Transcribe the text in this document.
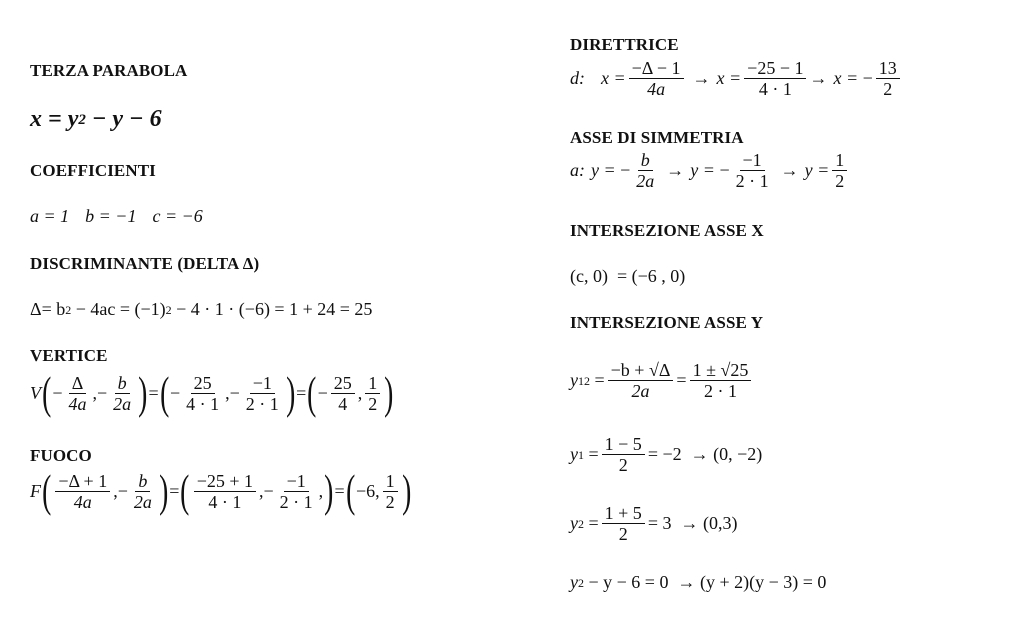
TERZA PARABOLA
x = y 2 − y − 6
COEFFICIENTI
a = 1 b = −1 c = −6
DISCRIMINANTE (DELTA Δ)
Δ= b 2 − 4ac = (−1) 2 − 4 · 1 · (−6) = 1 + 24 = 25
VERTICE
V ( − $\frac{\Delta}{4a}$ ,− $\frac{b}{2a}$ ) = ( − $\frac{25}{4 \cdot 1}$ ,− $\frac{-1}{2 \cdot 1}$ ) = ( − $\frac{25}{4}$ , $\frac{1}{2}$ )
FUOCO
F ( $\frac{-\Delta + 1}{4a}$ ,− $\frac{b}{2a}$ ) = ( $\frac{-25 + 1}{4 \cdot 1}$ ,− $\frac{-1}{2 \cdot 1}$ , ) = ( −6 , $\frac{1}{2}$ )
DIRETTRICE
d: $x = \frac{-\Delta - 1}{4a} \to x = \frac{-25 - 1}{4 \cdot 1} \to x$ = − $\frac{13}{2}$
ASSE DI SIMMETRIA
a: y = − $\frac{b}{2a} \to y$ = − $\frac{-1}{2 \cdot 1} \to y = \frac{1}{2}$
INTERSEZIONE ASSE X
(c, 0)  = (−6 , 0)
INTERSEZIONE ASSE Y
y $12 = \frac{-b + √\Delta}{2a} = \frac{1 \pm √25}{2 \cdot 1}$
y $1 = \frac{1 - 5}{2} = -2 \to (0$, −2)
y $2 = \frac{1 + 5}{2} = 3 \to (0,3)$
y 2 − y − 6 = 0  → (y + 2)(y − 3) = 0
